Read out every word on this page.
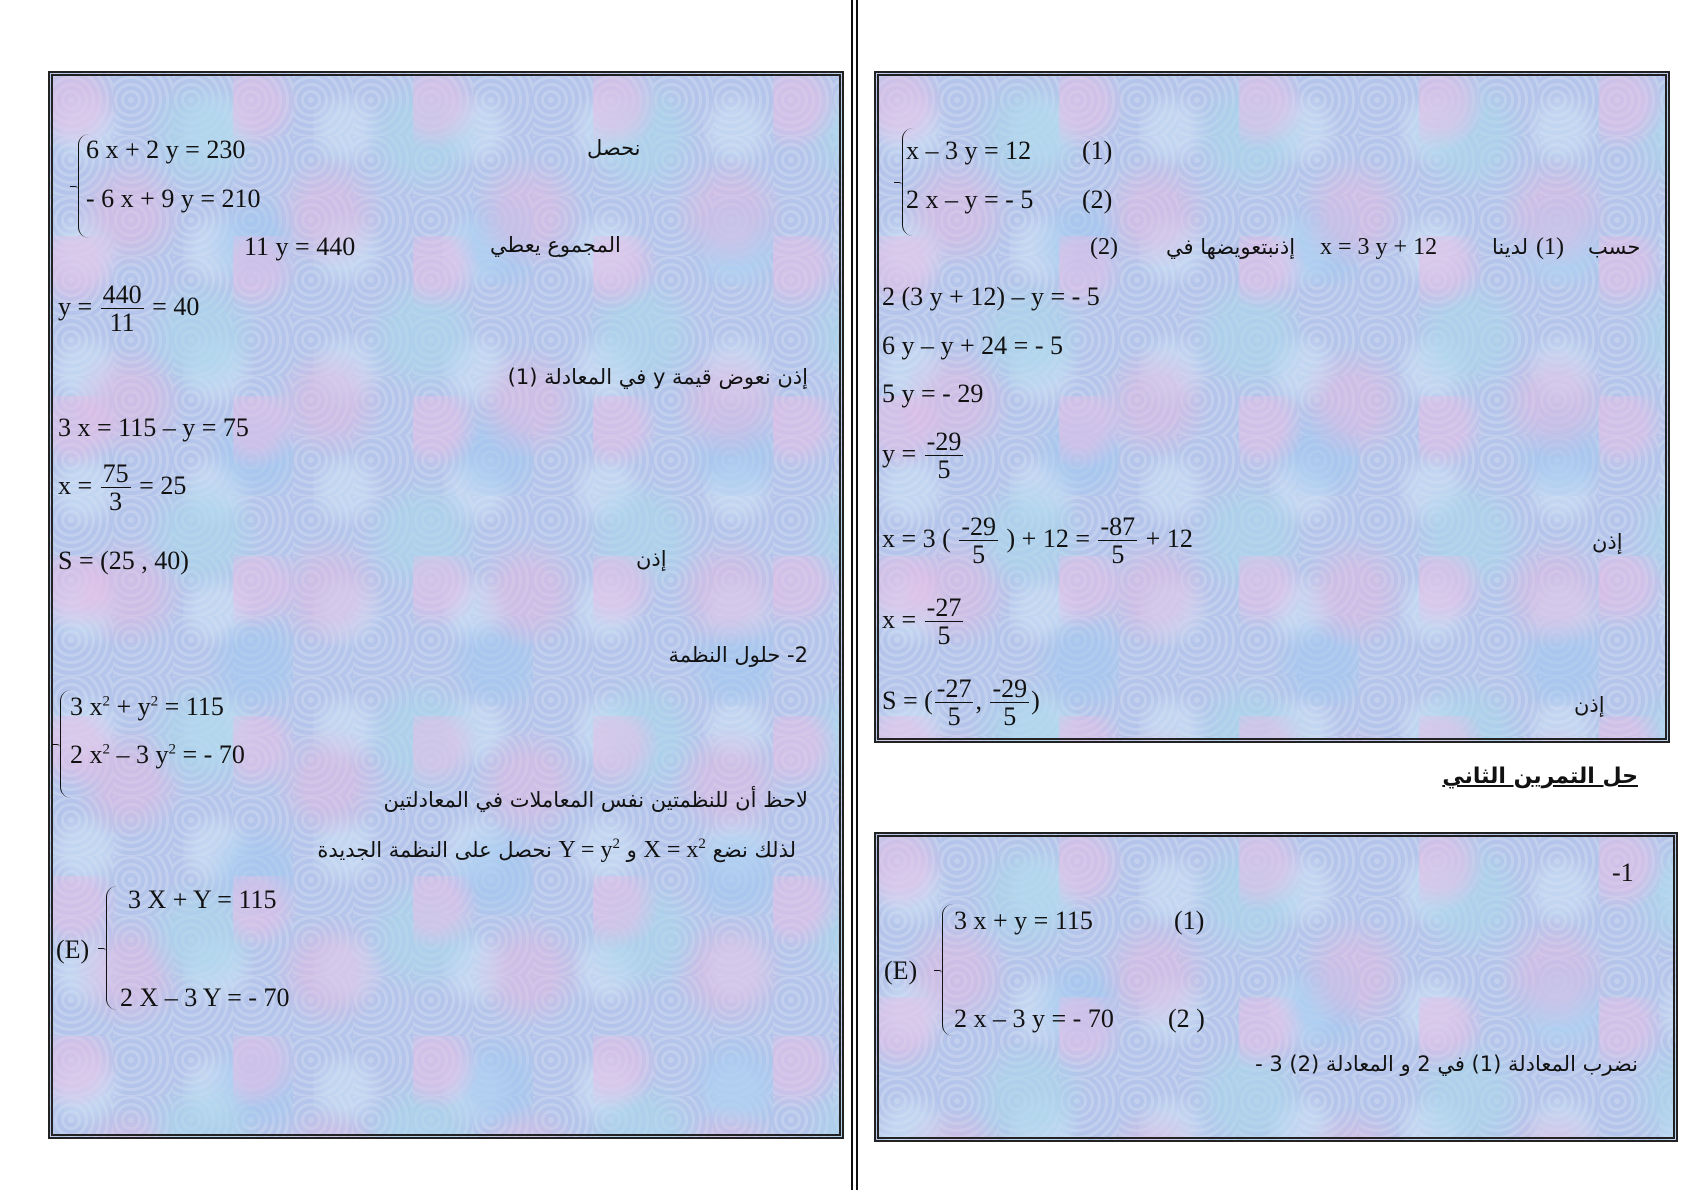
6 x + 2 y = 230
- 6 x + 9 y = 210
نحصل
11 y = 440	المجموع يعطي
$y = \frac{440}{11} = 40$
إذن نعوض قيمة y في المعادلة (1)
3 x = 115 – y = 75
$x = \frac{75}{3} = 25$
S = (25 , 40)	إذن
2- حلول النظمة
3 $x^2 + y^2 = 115$
2 $x^2 - 3$ $y^2$ = - 70
لاحظ أن للنظمتين نفس المعاملات في المعادلتين
لذلك نضع $X = x^2$ و $Y = y^2$ نحصل على النظمة الجديدة
(E)
3 X + Y = 115
2 X – 3 Y = - 70
x – 3 y = 12 (1)
2 x – y = - 5 (2)
حسب
(1)
لدينا
x = 3 y + 12
إذنبتعويضها في
(2)
2 (3 y + 12) – y = - 5
6 y – y + 24 = - 5
5 y = - 29
$y = \frac{-29}{5}$
x = 3 ( $\frac{-29}{5}$ ) + $12 = \frac{-87}{5} + 12$	إذن
$x = \frac{-27}{5}$
S = ( $\frac{-27}{5}$ , $\frac{-29}{5}$ )	إذن
حل التمرين الثاني
-1
(E)
3 x + y = 115	(1)
2 x – 3 y = - 70 (2 )
نضرب المعادلة (1) في 2 و المعادلة (2) 3 -
